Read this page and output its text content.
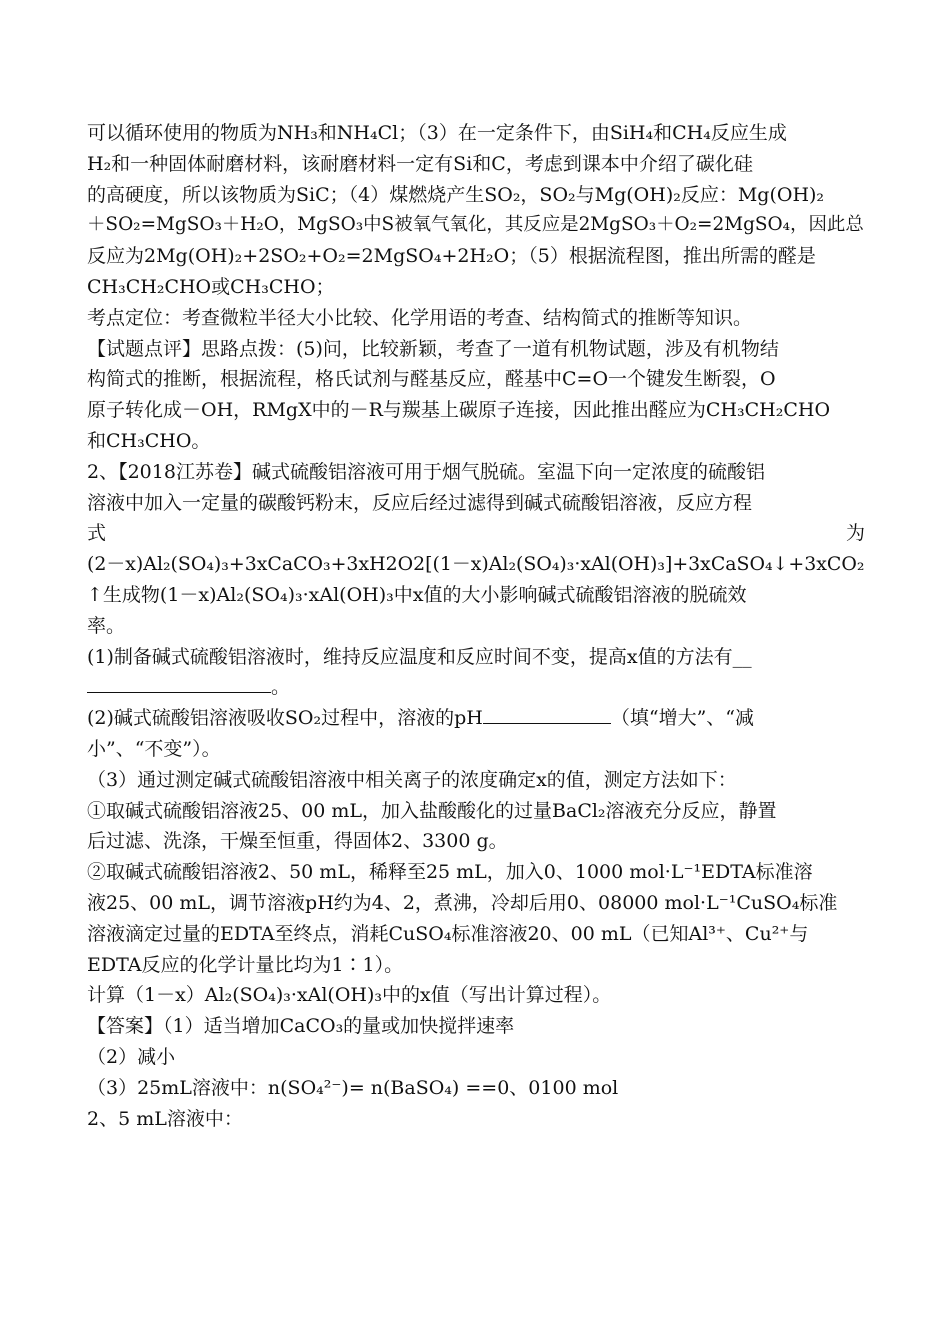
可以循环使用的物质为NH₃和NH₄Cl；（3）在一定条件下，由SiH₄和CH₄反应生成
H₂和一种固体耐磨材料，该耐磨材料一定有Si和C，考虑到课本中介绍了碳化硅
的高硬度，所以该物质为SiC；（4）煤燃烧产生SO₂，SO₂与Mg(OH)₂反应：Mg(OH)₂
＋SO₂=MgSO₃＋H₂O，MgSO₃中S被氧气氧化，其反应是2MgSO₃＋O₂=2MgSO₄，因此总
反应为2Mg(OH)₂+2SO₂+O₂=2MgSO₄+2H₂O；（5）根据流程图，推出所需的醛是
CH₃CH₂CHO或CH₃CHO；
考点定位：考查微粒半径大小比较、化学用语的考查、结构简式的推断等知识。
【试题点评】思路点拨：(5)问，比较新颖，考查了一道有机物试题，涉及有机物结
构简式的推断，根据流程，格氏试剂与醛基反应，醛基中C=O一个键发生断裂，O
原子转化成－OH，RMgX中的－R与羰基上碳原子连接，因此推出醛应为CH₃CH₂CHO
和CH₃CHO。
2、【2018江苏卷】碱式硫酸铝溶液可用于烟气脱硫。室温下向一定浓度的硫酸铝
溶液中加入一定量的碳酸钙粉末，反应后经过滤得到碱式硫酸铝溶液，反应方程
式	为
(2－x)Al₂(SO₄)₃+3xCaCO₃+3xH2O2[(1－x)Al₂(SO₄)₃·xAl(OH)₃]+3xCaSO₄↓+3xCO₂
↑生成物(1－x)Al₂(SO₄)₃·xAl(OH)₃中x值的大小影响碱式硫酸铝溶液的脱硫效
率。
(1)制备碱式硫酸铝溶液时，维持反应温度和反应时间不变，提高x值的方法有__
。
(2)碱式硫酸铝溶液吸收SO₂过程中，溶液的pH	（填“增大”、“减
小”、“不变”）。
（3）通过测定碱式硫酸铝溶液中相关离子的浓度确定x的值，测定方法如下：
①取碱式硫酸铝溶液25、00 mL，加入盐酸酸化的过量BaCl₂溶液充分反应，静置
后过滤、洗涤，干燥至恒重，得固体2、3300 g。
②取碱式硫酸铝溶液2、50 mL，稀释至25 mL，加入0、1000 mol·L⁻¹EDTA标准溶
液25、00 mL，调节溶液pH约为4、2，煮沸，冷却后用0、08000 mol·L⁻¹CuSO₄标准
溶液滴定过量的EDTA至终点，消耗CuSO₄标准溶液20、00 mL（已知Al³⁺、Cu²⁺与
EDTA反应的化学计量比均为1∶1）。
计算（1－x）Al₂(SO₄)₃·xAl(OH)₃中的x值（写出计算过程）。
【答案】（1）适当增加CaCO₃的量或加快搅拌速率
（2）减小
（3）25mL溶液中：n(SO₄²⁻)= n(BaSO₄) ==0、0100 mol
2、5 mL溶液中：
